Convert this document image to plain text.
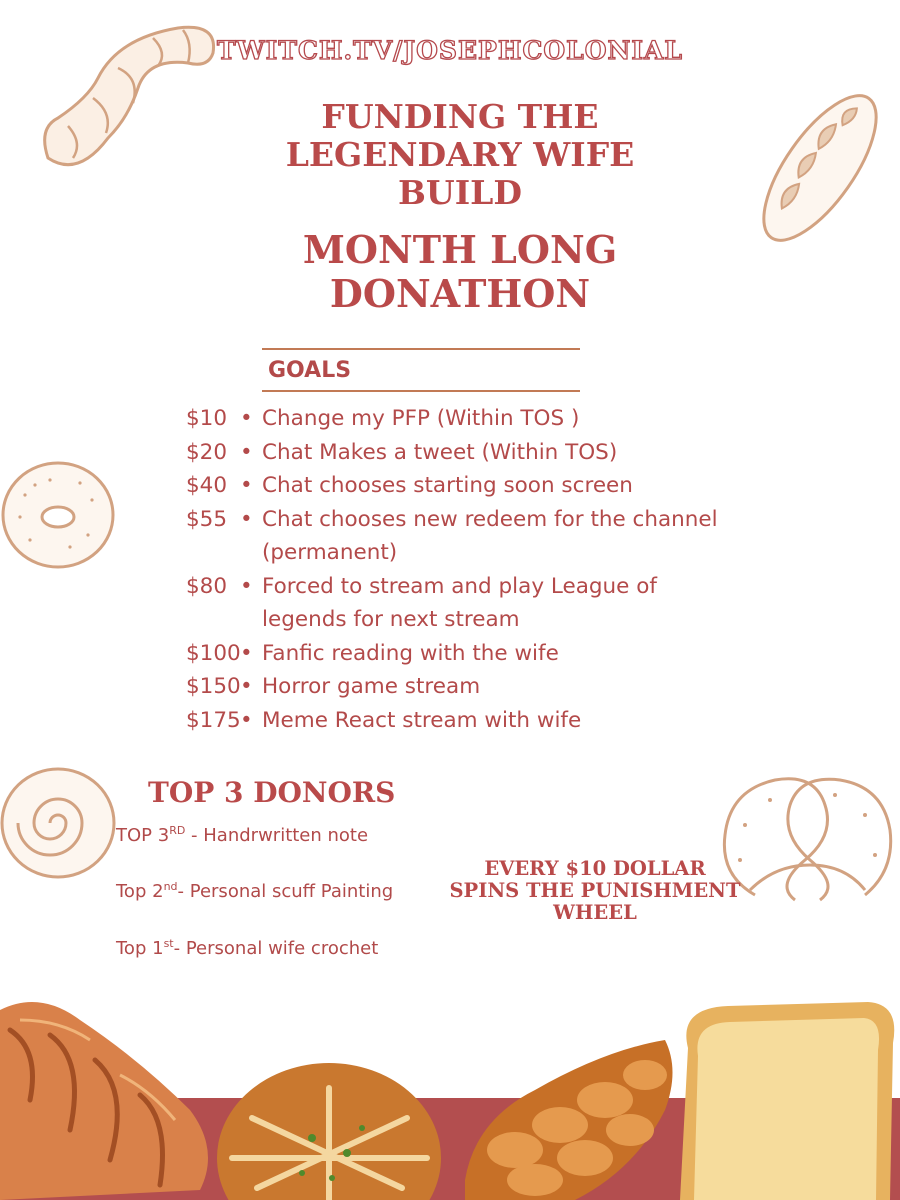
TWITCH.TV/JOSEPHCOLONIAL
FUNDING THE
LEGENDARY WIFE
BUILD
MONTH LONG
DONATHON
GOALS
$10 • Change my PFP (Within TOS )
$20 • Chat Makes a tweet (Within TOS)
$40 • Chat chooses starting soon screen
$55 • Chat chooses new redeem for the channel (permanent)
$80 • Forced to stream and play League of legends for next stream
$100 • Fanfic reading with the wife
$150 • Horror game stream
$175 • Meme React stream with wife
TOP 3 DONORS
TOP 3RD - Handrwritten note
Top 2nd- Personal scuff Painting
Top 1st- Personal wife crochet
EVERY $10 DOLLAR
SPINS THE PUNISHMENT
WHEEL
